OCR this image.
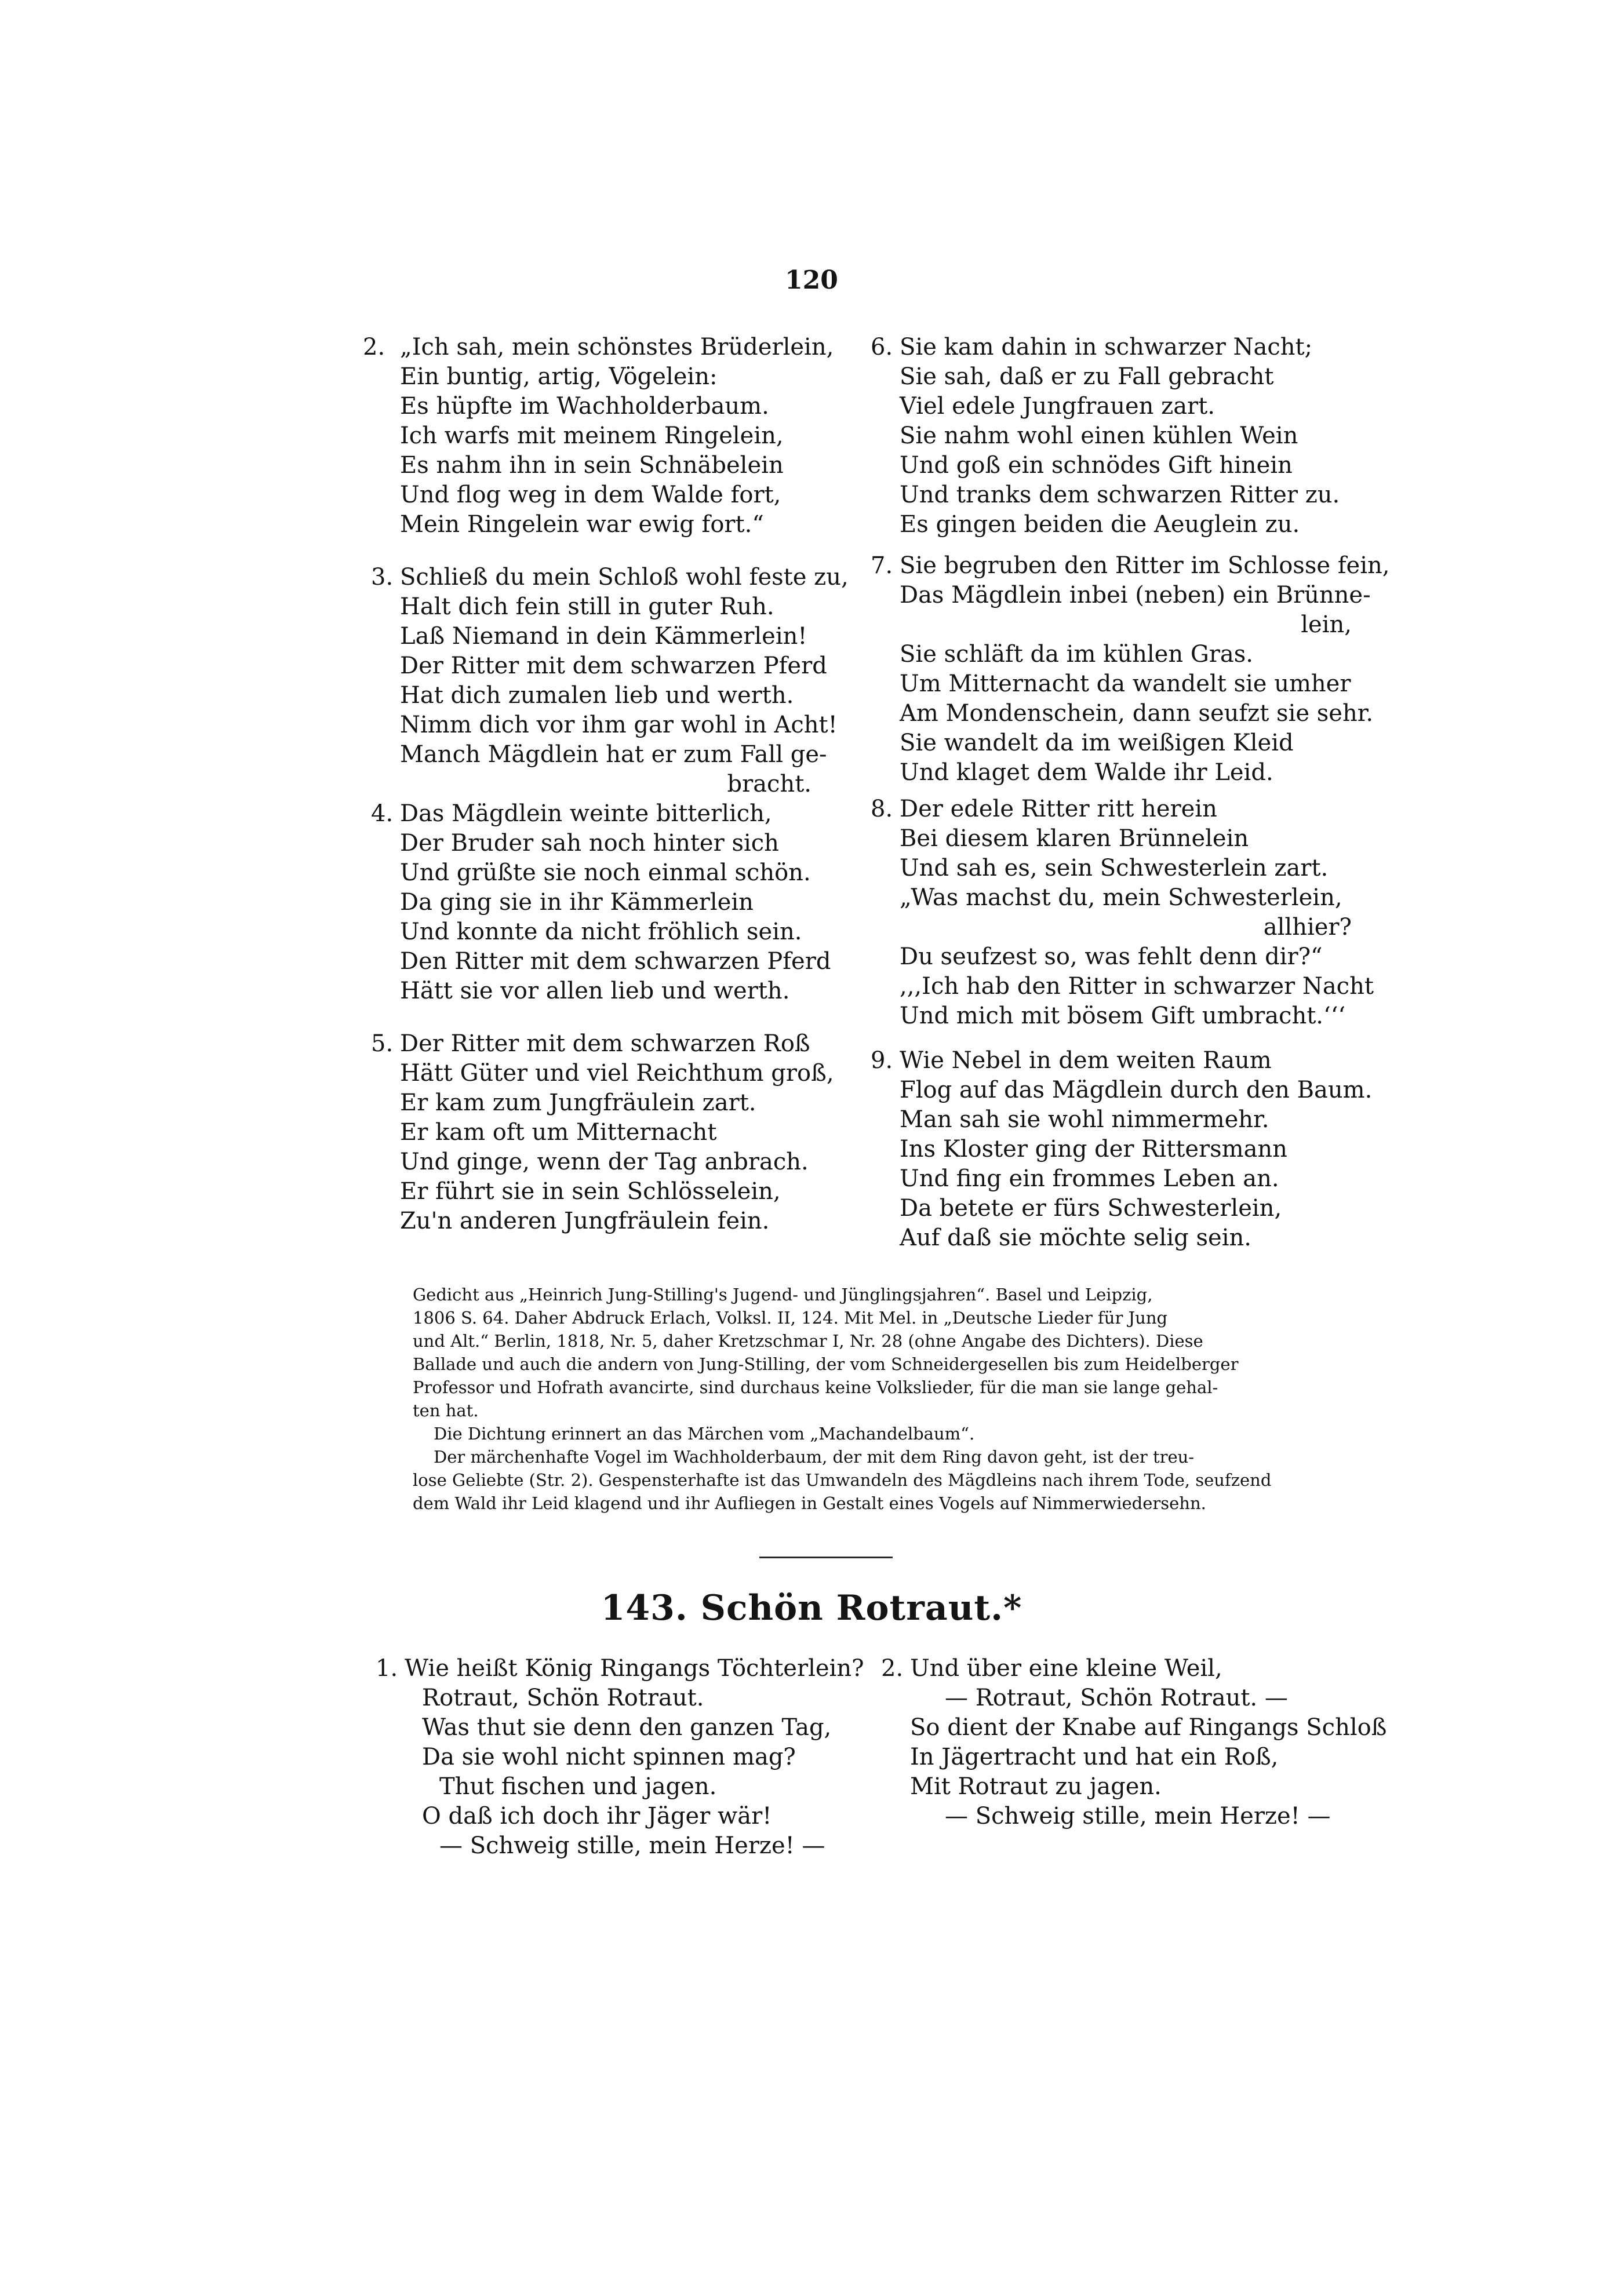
120
2. „Ich sah, mein schönstes Brüderlein,
Ein buntig, artig, Vögelein:
Es hüpfte im Wachholderbaum.
Ich warfs mit meinem Ringelein,
Es nahm ihn in sein Schnäbelein
Und flog weg in dem Walde fort,
Mein Ringelein war ewig fort.“
3. Schließ du mein Schloß wohl feste zu,
Halt dich fein still in guter Ruh.
Laß Niemand in dein Kämmerlein!
Der Ritter mit dem schwarzen Pferd
Hat dich zumalen lieb und werth.
Nimm dich vor ihm gar wohl in Acht!
Manch Mägdlein hat er zum Fall ge-
bracht.
4. Das Mägdlein weinte bitterlich,
Der Bruder sah noch hinter sich
Und grüßte sie noch einmal schön.
Da ging sie in ihr Kämmerlein
Und konnte da nicht fröhlich sein.
Den Ritter mit dem schwarzen Pferd
Hätt sie vor allen lieb und werth.
5. Der Ritter mit dem schwarzen Roß
Hätt Güter und viel Reichthum groß,
Er kam zum Jungfräulein zart.
Er kam oft um Mitternacht
Und ginge, wenn der Tag anbrach.
Er führt sie in sein Schlösselein,
Zu'n anderen Jungfräulein fein.
6. Sie kam dahin in schwarzer Nacht;
Sie sah, daß er zu Fall gebracht
Viel edele Jungfrauen zart.
Sie nahm wohl einen kühlen Wein
Und goß ein schnödes Gift hinein
Und tranks dem schwarzen Ritter zu.
Es gingen beiden die Aeuglein zu.
7. Sie begruben den Ritter im Schlosse fein,
Das Mägdlein inbei (neben) ein Brünne-
lein,
Sie schläft da im kühlen Gras.
Um Mitternacht da wandelt sie umher
Am Mondenschein, dann seufzt sie sehr.
Sie wandelt da im weißigen Kleid
Und klaget dem Walde ihr Leid.
8. Der edele Ritter ritt herein
Bei diesem klaren Brünnelein
Und sah es, sein Schwesterlein zart.
„Was machst du, mein Schwesterlein,
allhier?
Du seufzest so, was fehlt denn dir?“
,,,Ich hab den Ritter in schwarzer Nacht
Und mich mit bösem Gift umbracht.‘‘‘
9. Wie Nebel in dem weiten Raum
Flog auf das Mägdlein durch den Baum.
Man sah sie wohl nimmermehr.
Ins Kloster ging der Rittersmann
Und fing ein frommes Leben an.
Da betete er fürs Schwesterlein,
Auf daß sie möchte selig sein.

Gedicht aus „Heinrich Jung-Stilling's Jugend- und Jünglingsjahren“. Basel und Leipzig,

1806 S. 64. Daher Abdruck Erlach, Volksl. II, 124. Mit Mel. in „Deutsche Lieder für Jung

und Alt.“ Berlin, 1818, Nr. 5, daher Kretzschmar I, Nr. 28 (ohne Angabe des Dichters). Diese

Ballade und auch die andern von Jung-Stilling, der vom Schneidergesellen bis zum Heidelberger

Professor und Hofrath avancirte, sind durchaus keine Volkslieder, für die man sie lange gehal-

ten hat.

Die Dichtung erinnert an das Märchen vom „Machandelbaum“.

Der märchenhafte Vogel im Wachholderbaum, der mit dem Ring davon geht, ist der treu-

lose Geliebte (Str. 2). Gespensterhafte ist das Umwandeln des Mägdleins nach ihrem Tode, seufzend

dem Wald ihr Leid klagend und ihr Aufliegen in Gestalt eines Vogels auf Nimmerwiedersehn.

143. Schön Rotraut.*
1. Wie heißt König Ringangs Töchterlein?
Rotraut, Schön Rotraut.
Was thut sie denn den ganzen Tag,
Da sie wohl nicht spinnen mag?
Thut fischen und jagen.
O daß ich doch ihr Jäger wär!
— Schweig stille, mein Herze! —
2. Und über eine kleine Weil,
— Rotraut, Schön Rotraut. —
So dient der Knabe auf Ringangs Schloß
In Jägertracht und hat ein Roß,
Mit Rotraut zu jagen.
— Schweig stille, mein Herze! —
